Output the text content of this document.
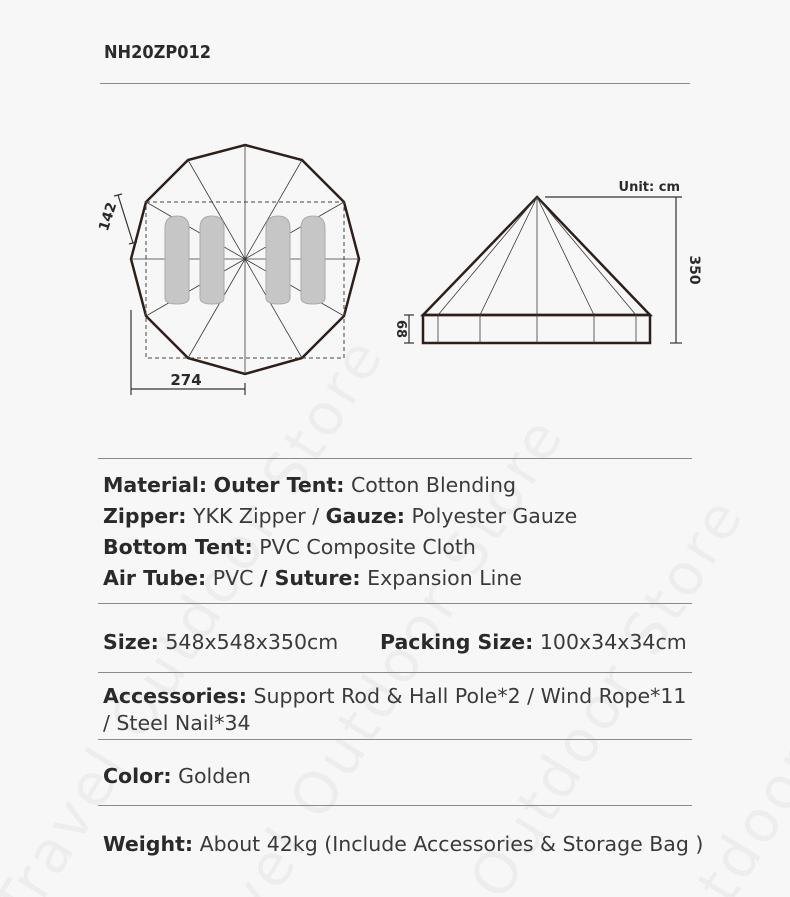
NH20ZP012
142
274
Unit: cm
350
68
Material: Outer Tent: Cotton Blending
Zipper: YKK Zipper / Gauze: Polyester Gauze
Bottom Tent: PVC Composite Cloth
Air Tube: PVC / Suture: Expansion Line
Size: 548x548x350cm Packing Size: 100x34x34cm
Accessories: Support Rod & Hall Pole*2 / Wind Rope*11
/ Steel Nail*34
Color: Golden
Weight: About 42kg (Include Accessories & Storage Bag )
